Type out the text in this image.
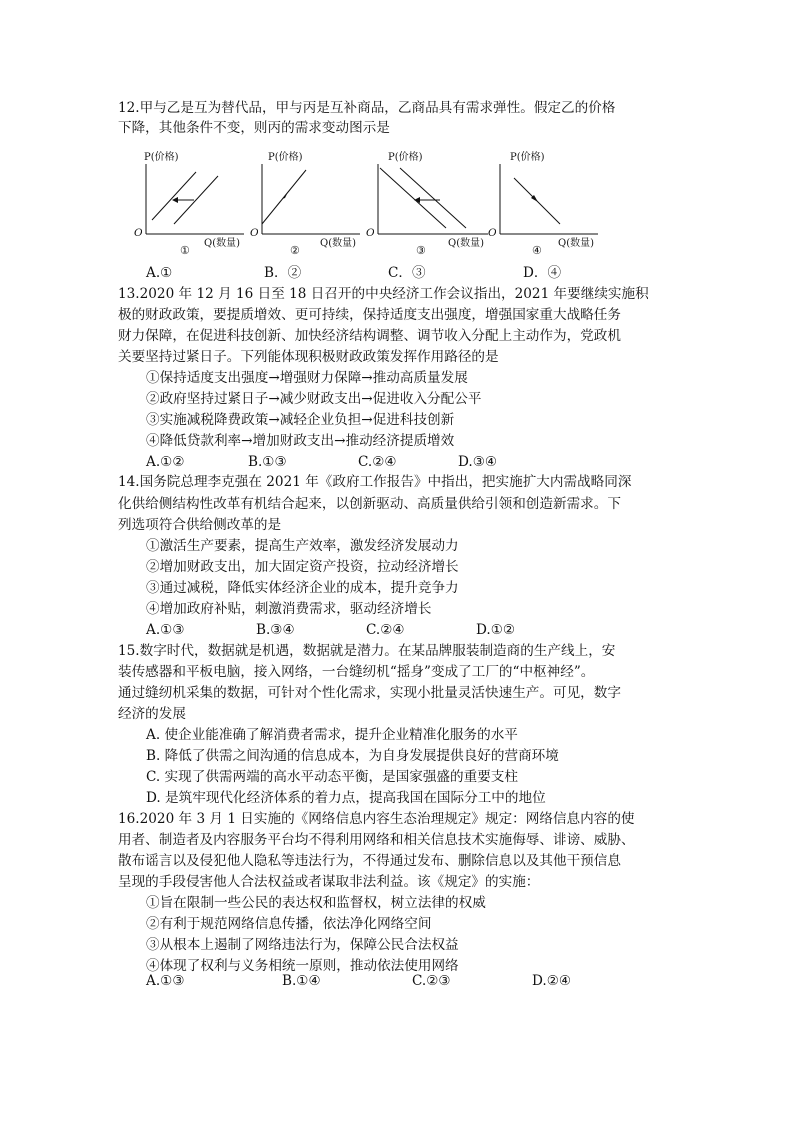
12.甲与乙是互为替代品，甲与丙是互补商品，乙商品具有需求弹性。假定乙的价格
下降，其他条件不变，则丙的需求变动图示是
P(价格)
O
Q(数量)
①
P(价格)
O
Q(数量)
②
P(价格)
O
Q(数量)
③
P(价格)
O
Q(数量)
④
A.①	B．②	C．③	D．④
13.2020 年 12 月 16 日至 18 日召开的中央经济工作会议指出，2021 年要继续实施积
极的财政政策，要提质增效、更可持续，保持适度支出强度，增强国家重大战略任务
财力保障，在促进科技创新、加快经济结构调整、调节收入分配上主动作为，党政机
关要坚持过紧日子。下列能体现积极财政政策发挥作用路径的是
①保持适度支出强度→增强财力保障→推动高质量发展
②政府坚持过紧日子→减少财政支出→促进收入分配公平
③实施减税降费政策→减轻企业负担→促进科技创新
④降低贷款利率→增加财政支出→推动经济提质增效
A.①②	B.①③	C.②④	D.③④
14.国务院总理李克强在 2021 年《政府工作报告》中指出，把实施扩大内需战略同深
化供给侧结构性改革有机结合起来，以创新驱动、高质量供给引领和创造新需求。下
列选项符合供给侧改革的是
①激活生产要素，提高生产效率，激发经济发展动力
②增加财政支出，加大固定资产投资，拉动经济增长
③通过减税，降低实体经济企业的成本，提升竞争力
④增加政府补贴，刺激消费需求，驱动经济增长
A.①③	B.③④	C.②④	D.①②
15.数字时代，数据就是机遇，数据就是潜力。在某品牌服装制造商的生产线上，安
装传感器和平板电脑，接入网络，一台缝纫机“摇身”变成了工厂的“中枢神经”。
通过缝纫机采集的数据，可针对个性化需求，实现小批量灵活快速生产。可见，数字
经济的发展
A. 使企业能准确了解消费者需求，提升企业精准化服务的水平
B. 降低了供需之间沟通的信息成本，为自身发展提供良好的营商环境
C. 实现了供需两端的高水平动态平衡，是国家强盛的重要支柱
D. 是筑牢现代化经济体系的着力点，提高我国在国际分工中的地位
16.2020 年 3 月 1 日实施的《网络信息内容生态治理规定》规定：网络信息内容的使
用者、制造者及内容服务平台均不得利用网络和相关信息技术实施侮辱、诽谤、威胁、
散布谣言以及侵犯他人隐私等违法行为，不得通过发布、删除信息以及其他干预信息
呈现的手段侵害他人合法权益或者谋取非法利益。该《规定》的实施：
①旨在限制一些公民的表达权和监督权，树立法律的权威
②有利于规范网络信息传播，依法净化网络空间
③从根本上遏制了网络违法行为，保障公民合法权益
④体现了权利与义务相统一原则，推动依法使用网络
A.①③	B.①④	C.②③	D.②④
